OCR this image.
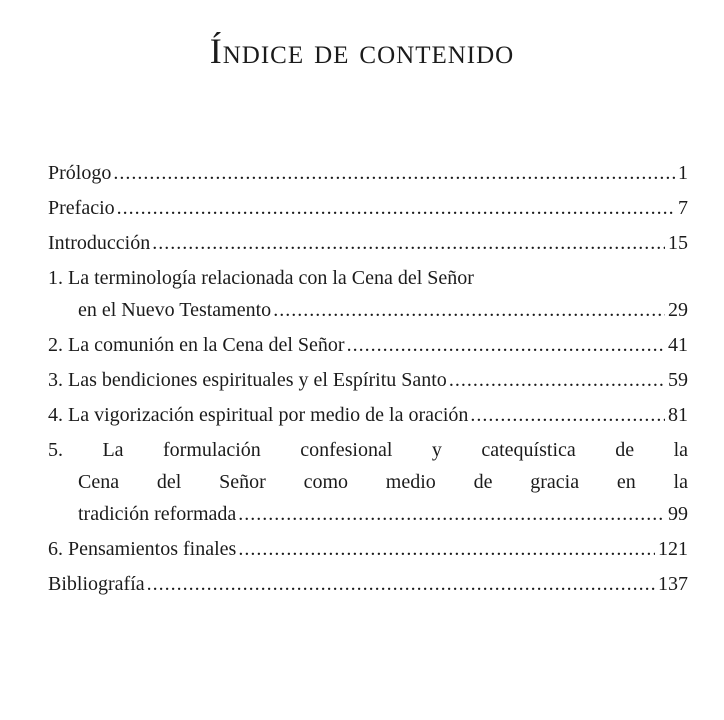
Índice de contenido
Prólogo .....	1
Prefacio .....	7
Introducción .....	15
1. La terminología relacionada con la Cena del Señor
en el Nuevo Testamento .....	29
2. La comunión en la Cena del Señor .....	41
3. Las bendiciones espirituales y el Espíritu Santo .....	59
4. La vigorización espiritual por medio de la oración .....	81
5. La formulación confesional y catequística de la
Cena del Señor como medio de gracia en la
tradición reformada .....	99
6. Pensamientos finales .....	121
Bibliografía .....	137
